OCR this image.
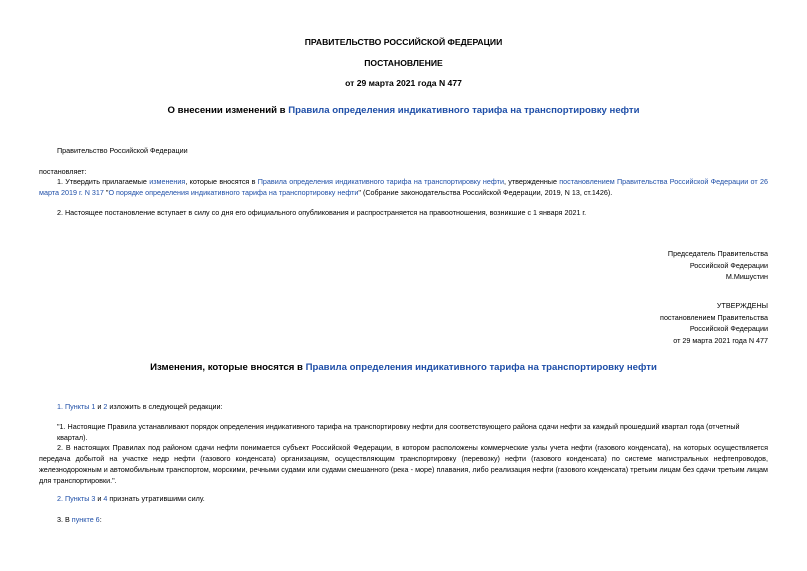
ПРАВИТЕЛЬСТВО РОССИЙСКОЙ ФЕДЕРАЦИИ
ПОСТАНОВЛЕНИЕ
от 29 марта 2021 года N 477
О внесении изменений в Правила определения индикативного тарифа на транспортировку нефти
Правительство Российской Федерации
постановляет:
1. Утвердить прилагаемые изменения, которые вносятся в Правила определения индикативного тарифа на транспортировку нефти, утвержденные постановлением Правительства Российской Федерации от 26 марта 2019 г. N 317 "О порядке определения индикативного тарифа на транспортировку нефти" (Собрание законодательства Российской Федерации, 2019, N 13, ст.1426).
2. Настоящее постановление вступает в силу со дня его официального опубликования и распространяется на правоотношения, возникшие с 1 января 2021 г.
Председатель Правительства
Российской Федерации
М.Мишустин
УТВЕРЖДЕНЫ
постановлением Правительства
Российской Федерации
от 29 марта 2021 года N 477
Изменения, которые вносятся в Правила определения индикативного тарифа на транспортировку нефти
1. Пункты 1 и 2 изложить в следующей редакции:
"1. Настоящие Правила устанавливают порядок определения индикативного тарифа на транспортировку нефти для соответствующего района сдачи нефти за каждый прошедший квартал года (отчетный квартал).
2. В настоящих Правилах под районом сдачи нефти понимается субъект Российской Федерации, в котором расположены коммерческие узлы учета нефти (газового конденсата), на которых осуществляется передача добытой на участке недр нефти (газового конденсата) организациям, осуществляющим транспортировку (перевозку) нефти (газового конденсата) по системе магистральных нефтепроводов, железнодорожным и автомобильным транспортом, морскими, речными судами или судами смешанного (река - море) плавания, либо реализация нефти (газового конденсата) третьим лицам без сдачи третьим лицам для транспортировки.".
2. Пункты 3 и 4 признать утратившими силу.
3. В пункте 6:
